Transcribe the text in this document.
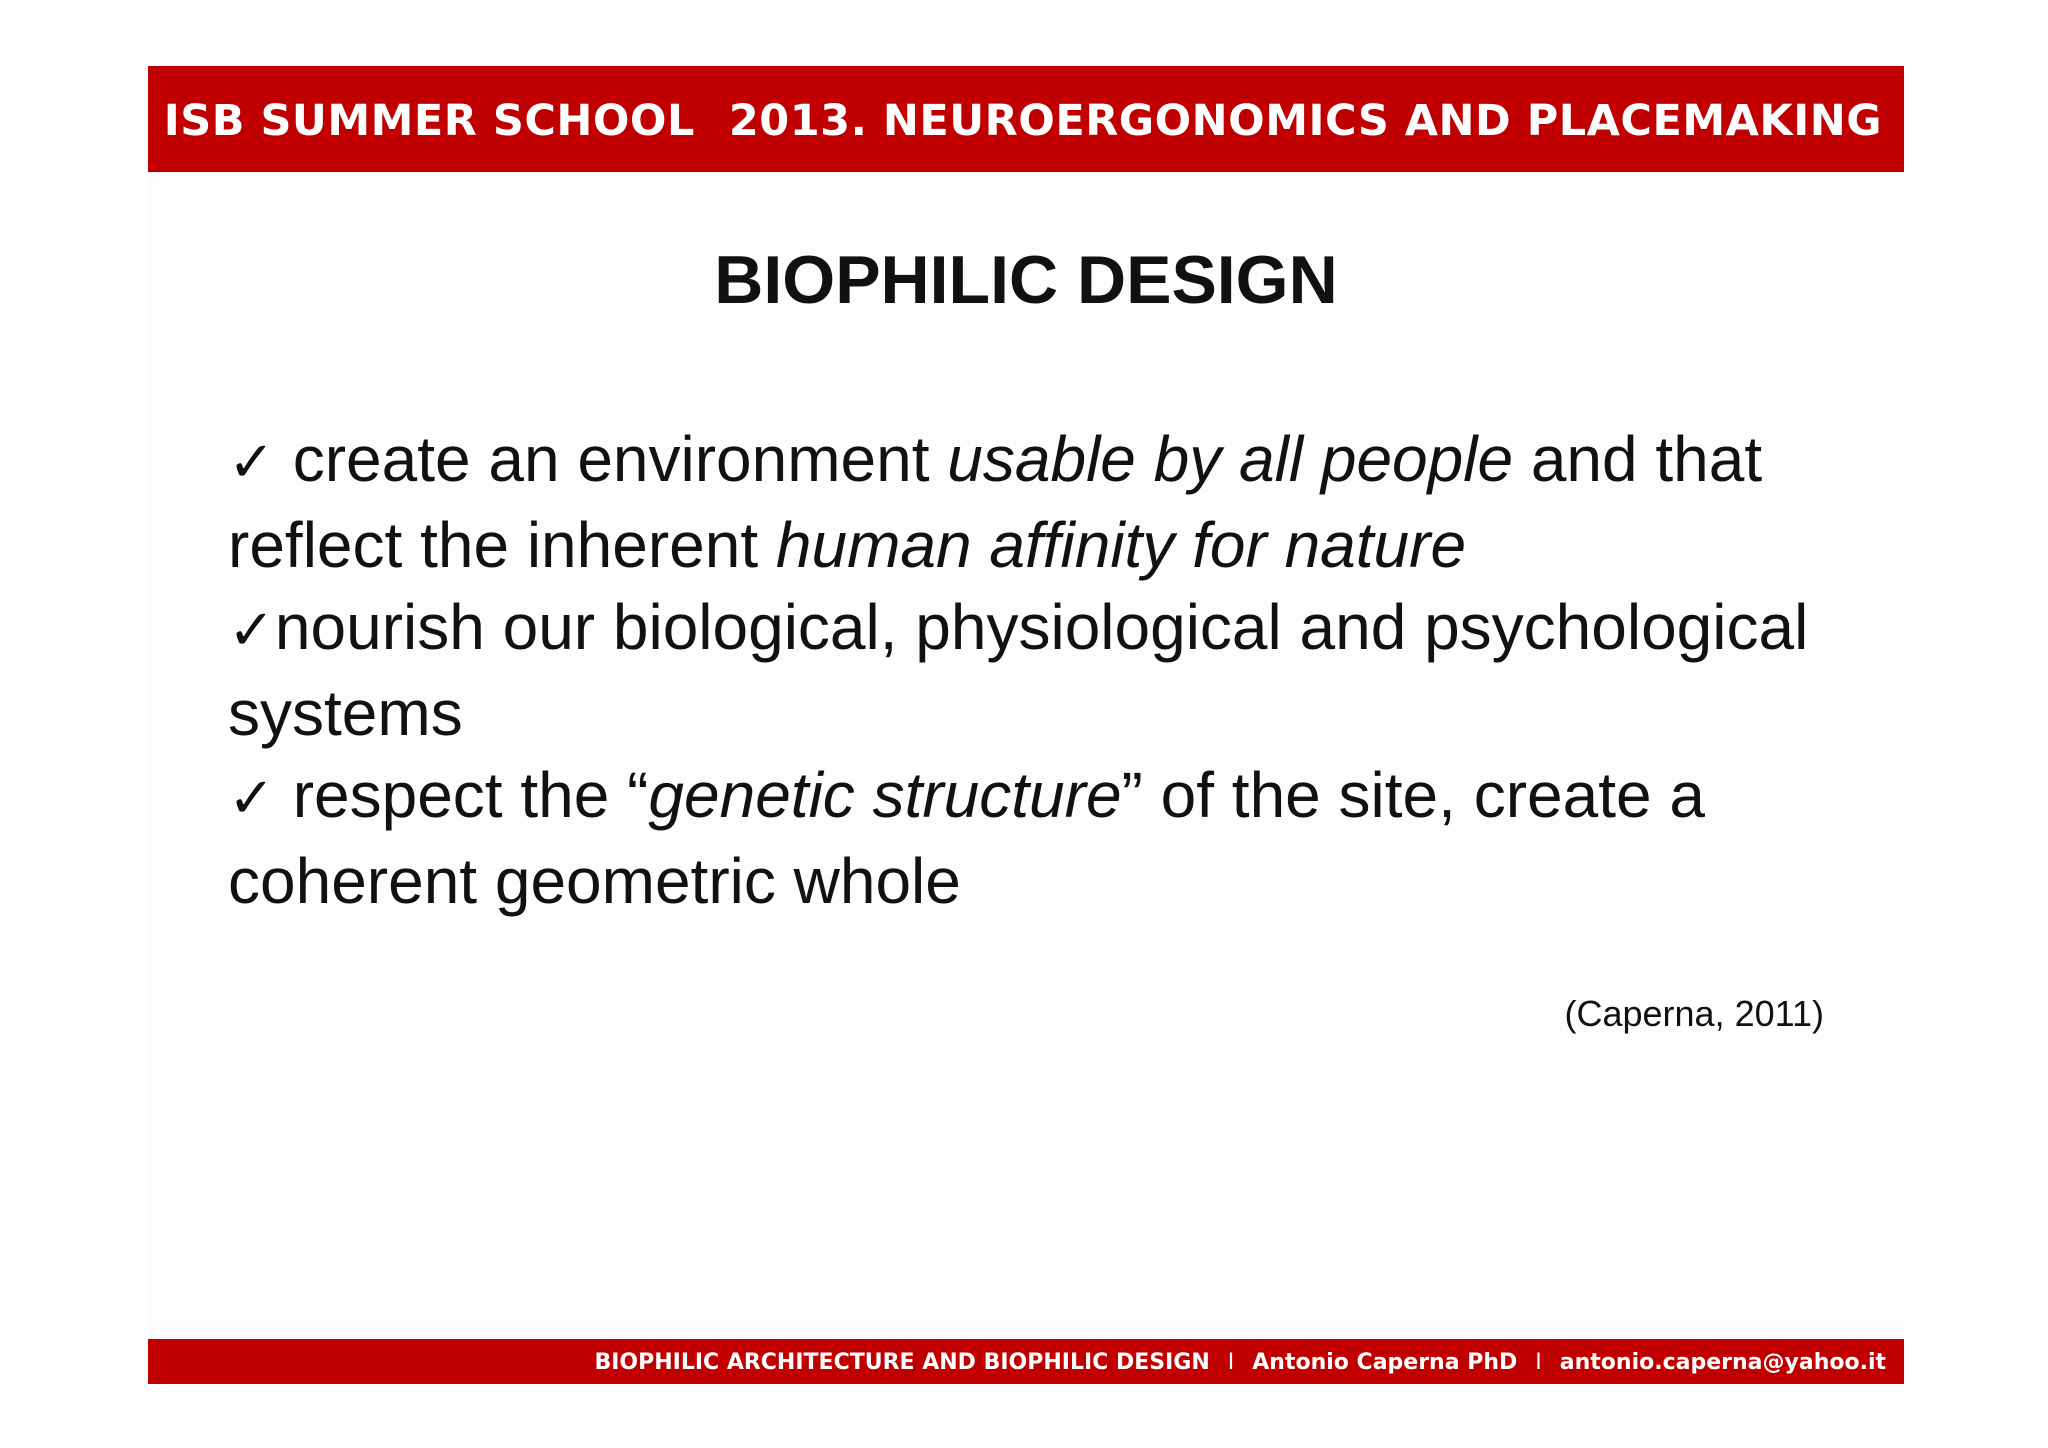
ISB SUMMER SCHOOL 2013. NEUROERGONOMICS AND PLACEMAKING
BIOPHILIC DESIGN
✓ create an environment usable by all people and that reflect the inherent human affinity for nature
✓nourish our biological, physiological and psychological systems
✓ respect the “genetic structure” of the site, create a coherent geometric whole
(Caperna, 2011)
BIOPHILIC ARCHITECTURE AND BIOPHILIC DESIGN I Antonio Caperna PhD I antonio.caperna@yahoo.it
